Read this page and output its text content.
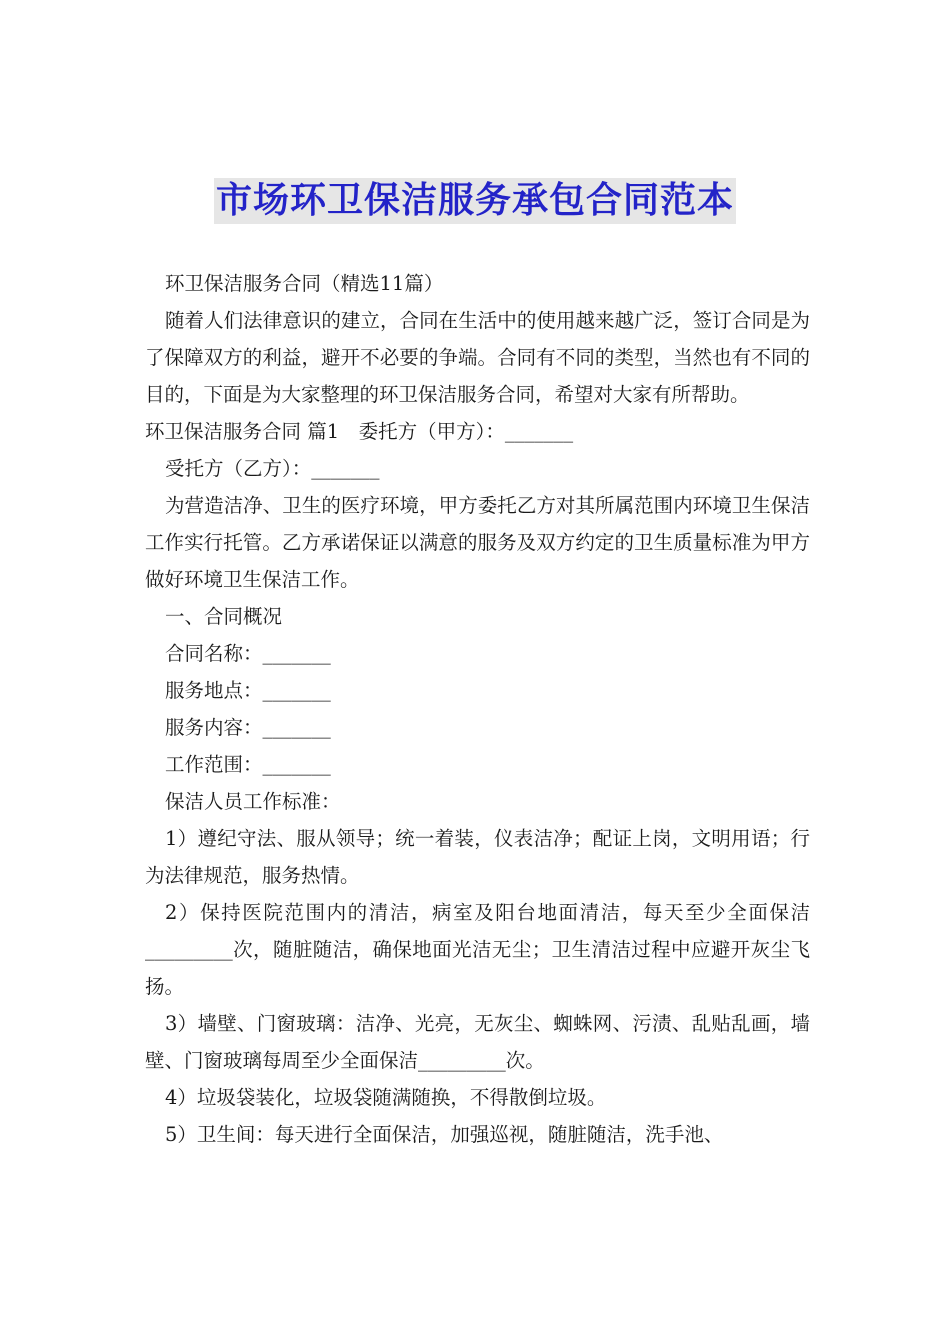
市场环卫保洁服务承包合同范本

环卫保洁服务合同（精选11篇）

随着人们法律意识的建立，合同在生活中的使用越来越广泛，签订合同是为了保障双方的利益，避开不必要的争端。合同有不同的类型，当然也有不同的目的，下面是为大家整理的环卫保洁服务合同，希望对大家有所帮助。

环卫保洁服务合同 篇1　委托方（甲方）：_______

受托方（乙方）：_______

为营造洁净、卫生的医疗环境，甲方委托乙方对其所属范围内环境卫生保洁工作实行托管。乙方承诺保证以满意的服务及双方约定的卫生质量标准为甲方做好环境卫生保洁工作。

一、合同概况

合同名称：_______

服务地点：_______

服务内容：_______

工作范围：_______

保洁人员工作标准：

1）遵纪守法、服从领导；统一着装，仪表洁净；配证上岗，文明用语；行为法律规范，服务热情。

2）保持医院范围内的清洁，病室及阳台地面清洁，每天至少全面保洁_________次，随脏随洁，确保地面光洁无尘；卫生清洁过程中应避开灰尘飞扬。

3）墙壁、门窗玻璃：洁净、光亮，无灰尘、蜘蛛网、污渍、乱贴乱画，墙壁、门窗玻璃每周至少全面保洁_________次。

4）垃圾袋装化，垃圾袋随满随换，不得散倒垃圾。

5）卫生间：每天进行全面保洁，加强巡视，随脏随洁，洗手池、
